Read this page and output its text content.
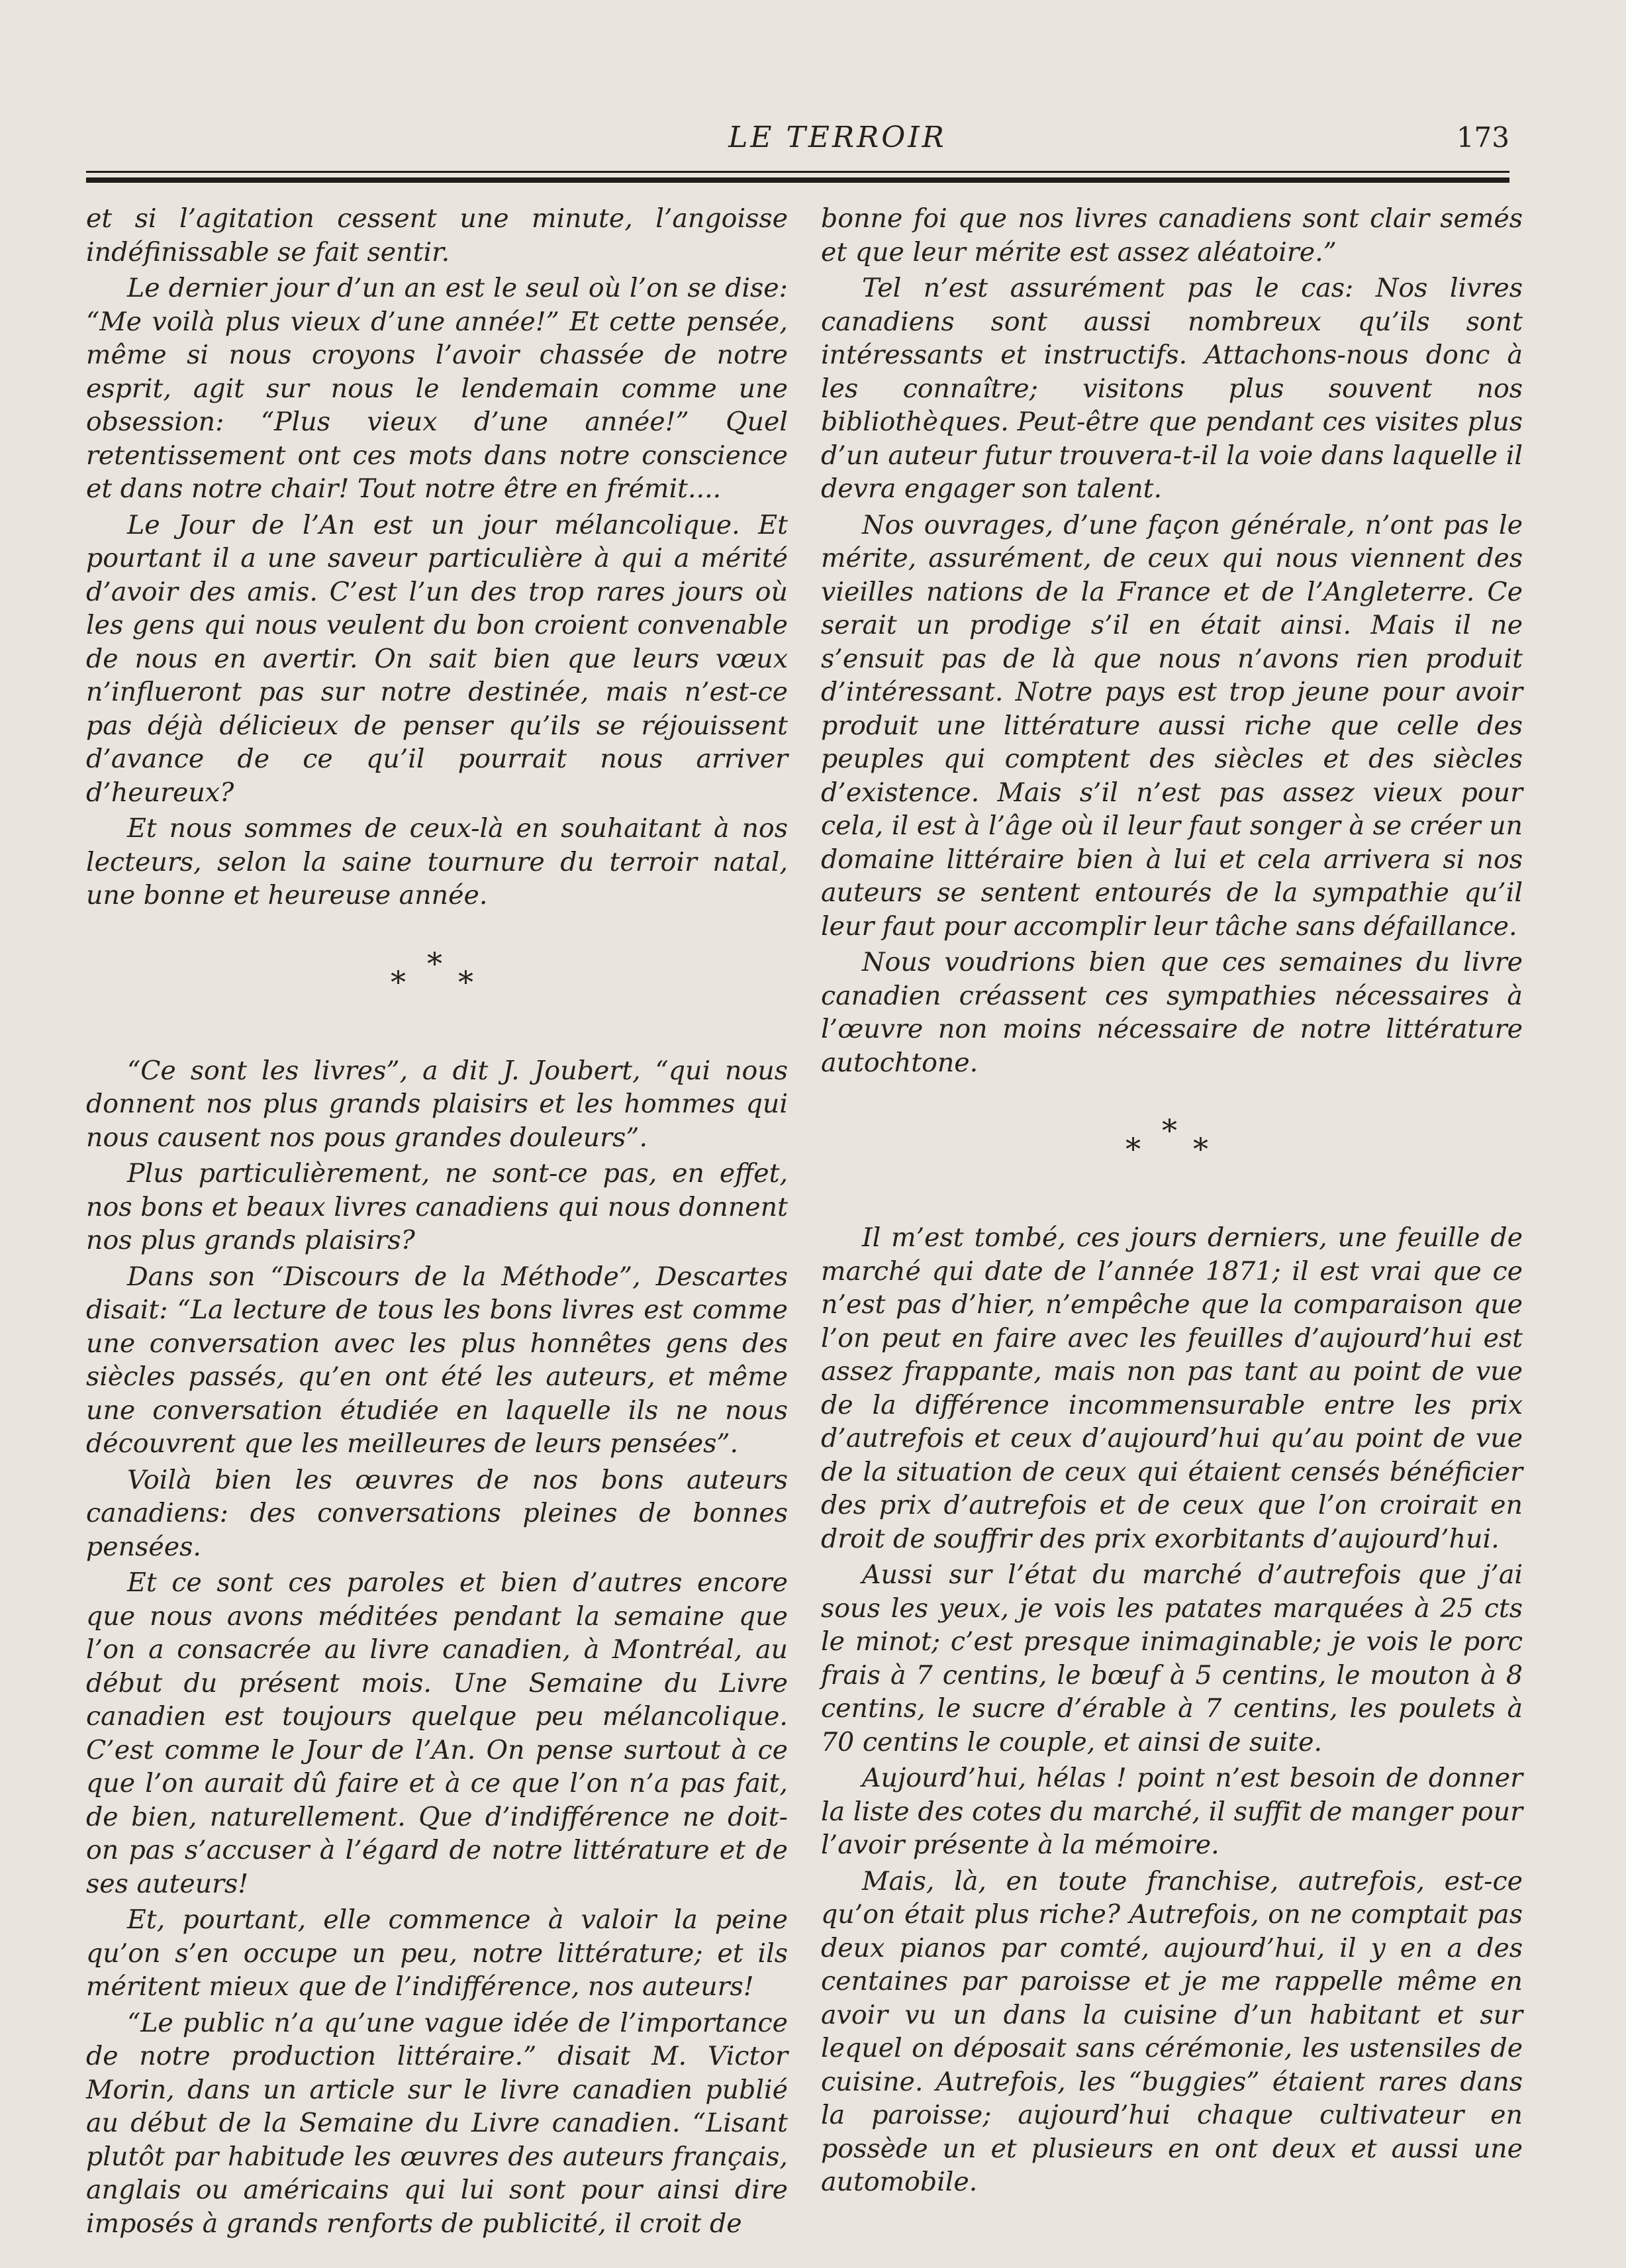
LE TERROIR	173

et si l’agitation cessent une minute, l’angoisse indéfinissable se fait sentir.

Le dernier jour d’un an est le seul où l’on se dise: “Me voilà plus vieux d’une année!” Et cette pensée, même si nous croyons l’avoir chassée de notre esprit, agit sur nous le lendemain comme une obsession: “Plus vieux d’une année!” Quel retentissement ont ces mots dans notre conscience et dans notre chair! Tout notre être en frémit....

Le Jour de l’An est un jour mélancolique. Et pourtant il a une saveur particulière à qui a mérité d’avoir des amis. C’est l’un des trop rares jours où les gens qui nous veulent du bon croient convenable de nous en avertir. On sait bien que leurs vœux n’influeront pas sur notre destinée, mais n’est-ce pas déjà délicieux de penser qu’ils se réjouissent d’avance de ce qu’il pourrait nous arriver d’heureux?

Et nous sommes de ceux-là en souhaitant à nos lecteurs, selon la saine tournure du terroir natal, une bonne et heureuse année.

*
* *

“Ce sont les livres”, a dit J. Joubert, “qui nous donnent nos plus grands plaisirs et les hommes qui nous causent nos pous grandes douleurs”.

Plus particulièrement, ne sont-ce pas, en effet, nos bons et beaux livres canadiens qui nous donnent nos plus grands plaisirs?

Dans son “Discours de la Méthode”, Descartes disait: “La lecture de tous les bons livres est comme une conversation avec les plus honnêtes gens des siècles passés, qu’en ont été les auteurs, et même une conversation étudiée en laquelle ils ne nous découvrent que les meilleures de leurs pensées”.

Voilà bien les œuvres de nos bons auteurs canadiens: des conversations pleines de bonnes pensées.

Et ce sont ces paroles et bien d’autres encore que nous avons méditées pendant la semaine que l’on a consacrée au livre canadien, à Montréal, au début du présent mois. Une Semaine du Livre canadien est toujours quelque peu mélancolique. C’est comme le Jour de l’An. On pense surtout à ce que l’on aurait dû faire et à ce que l’on n’a pas fait, de bien, naturellement. Que d’indifférence ne doit-on pas s’accuser à l’égard de notre littérature et de ses auteurs!

Et, pourtant, elle commence à valoir la peine qu’on s’en occupe un peu, notre littérature; et ils méritent mieux que de l’indifférence, nos auteurs!

“Le public n’a qu’une vague idée de l’importance de notre production littéraire.” disait M. Victor Morin, dans un article sur le livre canadien publié au début de la Semaine du Livre canadien. “Lisant plutôt par habitude les œuvres des auteurs français, anglais ou américains qui lui sont pour ainsi dire imposés à grands renforts de publicité, il croit de

bonne foi que nos livres canadiens sont clair semés et que leur mérite est assez aléatoire.”

Tel n’est assurément pas le cas: Nos livres canadiens sont aussi nombreux qu’ils sont intéressants et instructifs. Attachons-nous donc à les connaître; visitons plus souvent nos bibliothèques. Peut-être que pendant ces visites plus d’un auteur futur trouvera-t-il la voie dans laquelle il devra engager son talent.

Nos ouvrages, d’une façon générale, n’ont pas le mérite, assurément, de ceux qui nous viennent des vieilles nations de la France et de l’Angleterre. Ce serait un prodige s’il en était ainsi. Mais il ne s’ensuit pas de là que nous n’avons rien produit d’intéressant. Notre pays est trop jeune pour avoir produit une littérature aussi riche que celle des peuples qui comptent des siècles et des siècles d’existence. Mais s’il n’est pas assez vieux pour cela, il est à l’âge où il leur faut songer à se créer un domaine littéraire bien à lui et cela arrivera si nos auteurs se sentent entourés de la sympathie qu’il leur faut pour accomplir leur tâche sans défaillance.

Nous voudrions bien que ces semaines du livre canadien créassent ces sympathies nécessaires à l’œuvre non moins nécessaire de notre littérature autochtone.

*
* *

Il m’est tombé, ces jours derniers, une feuille de marché qui date de l’année 1871; il est vrai que ce n’est pas d’hier, n’empêche que la comparaison que l’on peut en faire avec les feuilles d’aujourd’hui est assez frappante, mais non pas tant au point de vue de la différence incommensurable entre les prix d’autrefois et ceux d’aujourd’hui qu’au point de vue de la situation de ceux qui étaient censés bénéficier des prix d’autrefois et de ceux que l’on croirait en droit de souffrir des prix exorbitants d’aujourd’hui.

Aussi sur l’état du marché d’autrefois que j’ai sous les yeux, je vois les patates marquées à 25 cts le minot; c’est presque inimaginable; je vois le porc frais à 7 centins, le bœuf à 5 centins, le mouton à 8 centins, le sucre d’érable à 7 centins, les poulets à 70 centins le couple, et ainsi de suite.

Aujourd’hui, hélas ! point n’est besoin de donner la liste des cotes du marché, il suffit de manger pour l’avoir présente à la mémoire.

Mais, là, en toute franchise, autrefois, est-ce qu’on était plus riche? Autrefois, on ne comptait pas deux pianos par comté, aujourd’hui, il y en a des centaines par paroisse et je me rappelle même en avoir vu un dans la cuisine d’un habitant et sur lequel on déposait sans cérémonie, les ustensiles de cuisine. Autrefois, les “buggies” étaient rares dans la paroisse; aujourd’hui chaque cultivateur en possède un et plusieurs en ont deux et aussi une automobile.
